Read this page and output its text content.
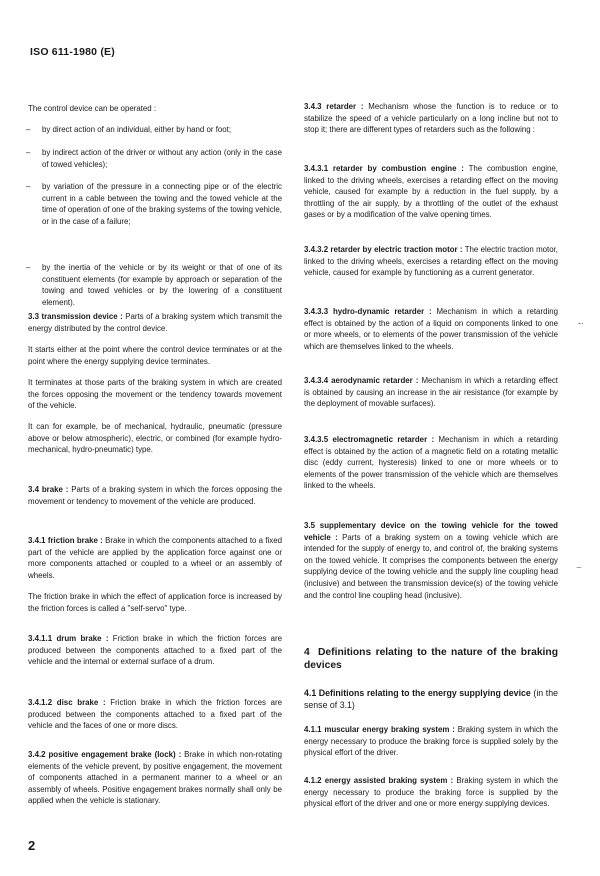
ISO 611-1980 (E)

The control device can be operated :

–	by direct action of an individual, either by hand or foot;

–	by indirect action of the driver or without any action (only in the case of towed vehicles);

–	by variation of the pressure in a connecting pipe or of the electric current in a cable between the towing and the towed vehicle at the time of operation of one of the braking systems of the towing vehicle, or in the case of a failure;

–	by the inertia of the vehicle or by its weight or that of one of its constituent elements (for example by approach or separation of the towing and towed vehicles or by the lowering of a constituent element).

3.3 transmission device : Parts of a braking system which transmit the energy distributed by the control device.

It starts either at the point where the control device terminates or at the point where the energy supplying device terminates.

It terminates at those parts of the braking system in which are created the forces opposing the movement or the tendency towards movement of the vehicle.

It can for example, be of mechanical, hydraulic, pneumatic (pressure above or below atmospheric), electric, or combined (for example hydro-mechanical, hydro-pneumatic) type.

3.4 brake : Parts of a braking system in which the forces opposing the movement or tendency to movement of the vehicle are produced.

3.4.1 friction brake : Brake in which the components attached to a fixed part of the vehicle are applied by the application force against one or more components attached or coupled to a wheel or an assembly of wheels.

The friction brake in which the effect of application force is increased by the friction forces is called a "self-servo" type.

3.4.1.1 drum brake : Friction brake in which the friction forces are produced between the components attached to a fixed part of the vehicle and the internal or external surface of a drum.

3.4.1.2 disc brake : Friction brake in which the friction forces are produced between the components attached to a fixed part of the vehicle and the faces of one or more discs.

3.4.2 positive engagement brake (lock) : Brake in which non-rotating elements of the vehicle prevent, by positive engagement, the movement of components attached in a permanent manner to a wheel or an assembly of wheels. Positive engagement brakes normally shall only be applied when the vehicle is stationary.

3.4.3 retarder : Mechanism whose the function is to reduce or to stabilize the speed of a vehicle particularly on a long incline but not to stop it; there are different types of retarders such as the following :

3.4.3.1 retarder by combustion engine : The combustion engine, linked to the driving wheels, exercises a retarding effect on the moving vehicle, caused for example by a reduction in the fuel supply, by a throttling of the air supply, by a throttling of the outlet of the exhaust gases or by a modification of the valve opening times.

3.4.3.2 retarder by electric traction motor : The electric traction motor, linked to the driving wheels, exercises a retarding effect on the moving vehicle, caused for example by functioning as a current generator.

3.4.3.3 hydro-dynamic retarder : Mechanism in which a retarding effect is obtained by the action of a liquid on components linked to one or more wheels, or to elements of the power transmission of the vehicle which are themselves linked to the wheels.

3.4.3.4 aerodynamic retarder : Mechanism in which a retarding effect is obtained by causing an increase in the air resistance (for example by the deployment of movable surfaces).

3.4.3.5 electromagnetic retarder : Mechanism in which a retarding effect is obtained by the action of a magnetic field on a rotating metallic disc (eddy current, hysteresis) linked to one or more wheels or to elements of the power transmission of the vehicle which are themselves linked to the wheels.

3.5 supplementary device on the towing vehicle for the towed vehicle : Parts of a braking system on a towing vehicle which are intended for the supply of energy to, and control of, the braking systems on the towed vehicle. It comprises the components between the energy supplying device of the towing vehicle and the supply line coupling head (inclusive) and between the transmission device(s) of the towing vehicle and the control line coupling head (inclusive).

4 Definitions relating to the nature of the braking devices
4.1 Definitions relating to the energy supplying device (in the sense of 3.1)

4.1.1 muscular energy braking system : Braking system in which the energy necessary to produce the braking force is supplied solely by the physical effort of the driver.

4.1.2 energy assisted braking system : Braking system in which the energy necessary to produce the braking force is supplied by the physical effort of the driver and one or more energy supplying devices.

-·
⌣
2
